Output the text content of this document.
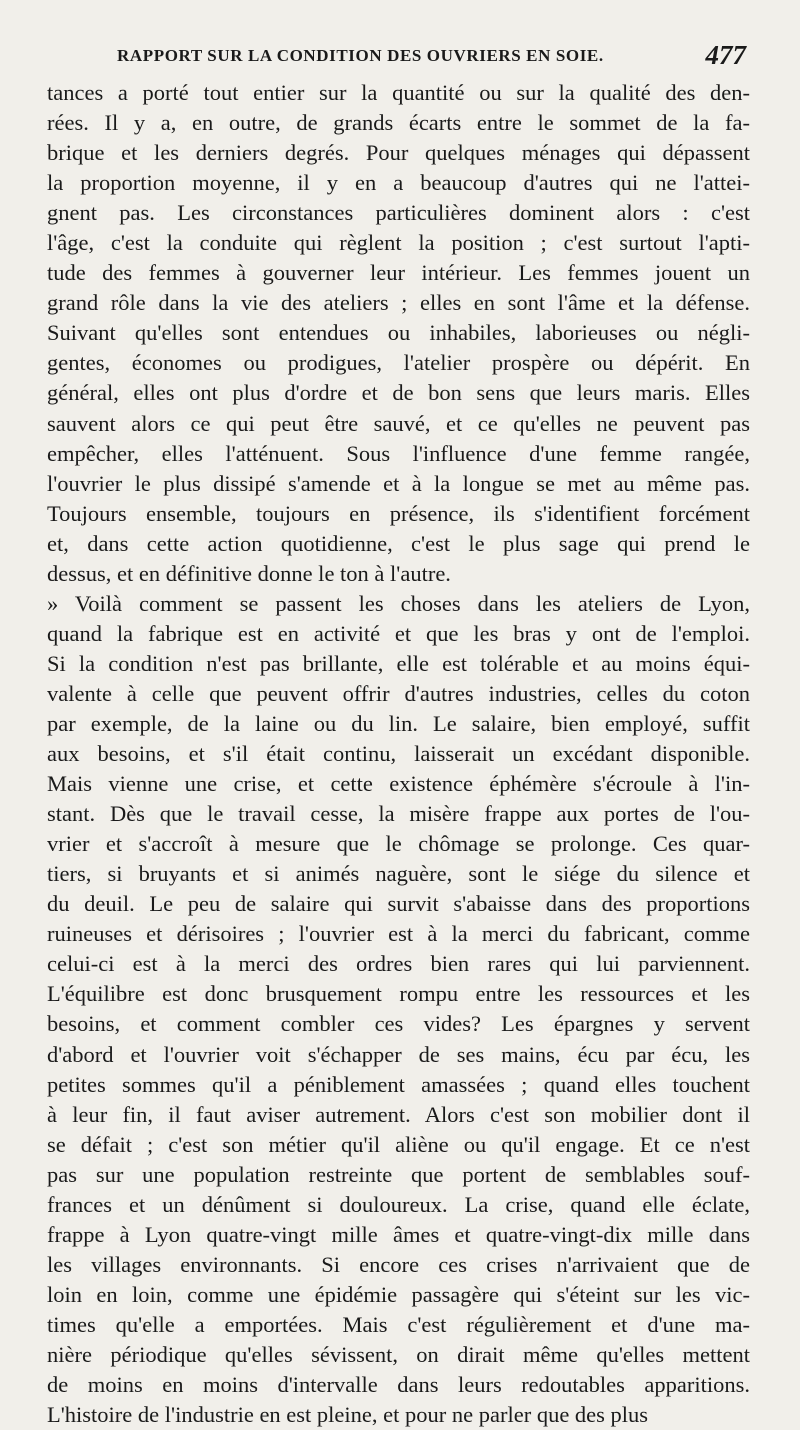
RAPPORT SUR LA CONDITION DES OUVRIERS EN SOIE.	477
tances a porté tout entier sur la quantité ou sur la qualité des den-
rées. Il y a, en outre, de grands écarts entre le sommet de la fa-
brique et les derniers degrés. Pour quelques ménages qui dépassent
la proportion moyenne, il y en a beaucoup d'autres qui ne l'attei-
gnent pas. Les circonstances particulières dominent alors : c'est
l'âge, c'est la conduite qui règlent la position ; c'est surtout l'apti-
tude des femmes à gouverner leur intérieur. Les femmes jouent un
grand rôle dans la vie des ateliers ; elles en sont l'âme et la défense.
Suivant qu'elles sont entendues ou inhabiles, laborieuses ou négli-
gentes, économes ou prodigues, l'atelier prospère ou dépérit. En
général, elles ont plus d'ordre et de bon sens que leurs maris. Elles
sauvent alors ce qui peut être sauvé, et ce qu'elles ne peuvent pas
empêcher, elles l'atténuent. Sous l'influence d'une femme rangée,
l'ouvrier le plus dissipé s'amende et à la longue se met au même pas.
Toujours ensemble, toujours en présence, ils s'identifient forcément
et, dans cette action quotidienne, c'est le plus sage qui prend le
dessus, et en définitive donne le ton à l'autre.
» Voilà comment se passent les choses dans les ateliers de Lyon,
quand la fabrique est en activité et que les bras y ont de l'emploi.
Si la condition n'est pas brillante, elle est tolérable et au moins équi-
valente à celle que peuvent offrir d'autres industries, celles du coton
par exemple, de la laine ou du lin. Le salaire, bien employé, suffit
aux besoins, et s'il était continu, laisserait un excédant disponible.
Mais vienne une crise, et cette existence éphémère s'écroule à l'in-
stant. Dès que le travail cesse, la misère frappe aux portes de l'ou-
vrier et s'accroît à mesure que le chômage se prolonge. Ces quar-
tiers, si bruyants et si animés naguère, sont le siége du silence et
du deuil. Le peu de salaire qui survit s'abaisse dans des proportions
ruineuses et dérisoires ; l'ouvrier est à la merci du fabricant, comme
celui-ci est à la merci des ordres bien rares qui lui parviennent.
L'équilibre est donc brusquement rompu entre les ressources et les
besoins, et comment combler ces vides? Les épargnes y servent
d'abord et l'ouvrier voit s'échapper de ses mains, écu par écu, les
petites sommes qu'il a péniblement amassées ; quand elles touchent
à leur fin, il faut aviser autrement. Alors c'est son mobilier dont il
se défait ; c'est son métier qu'il aliène ou qu'il engage. Et ce n'est
pas sur une population restreinte que portent de semblables souf-
frances et un dénûment si douloureux. La crise, quand elle éclate,
frappe à Lyon quatre-vingt mille âmes et quatre-vingt-dix mille dans
les villages environnants. Si encore ces crises n'arrivaient que de
loin en loin, comme une épidémie passagère qui s'éteint sur les vic-
times qu'elle a emportées. Mais c'est régulièrement et d'une ma-
nière périodique qu'elles sévissent, on dirait même qu'elles mettent
de moins en moins d'intervalle dans leurs redoutables apparitions.
L'histoire de l'industrie en est pleine, et pour ne parler que des plus
